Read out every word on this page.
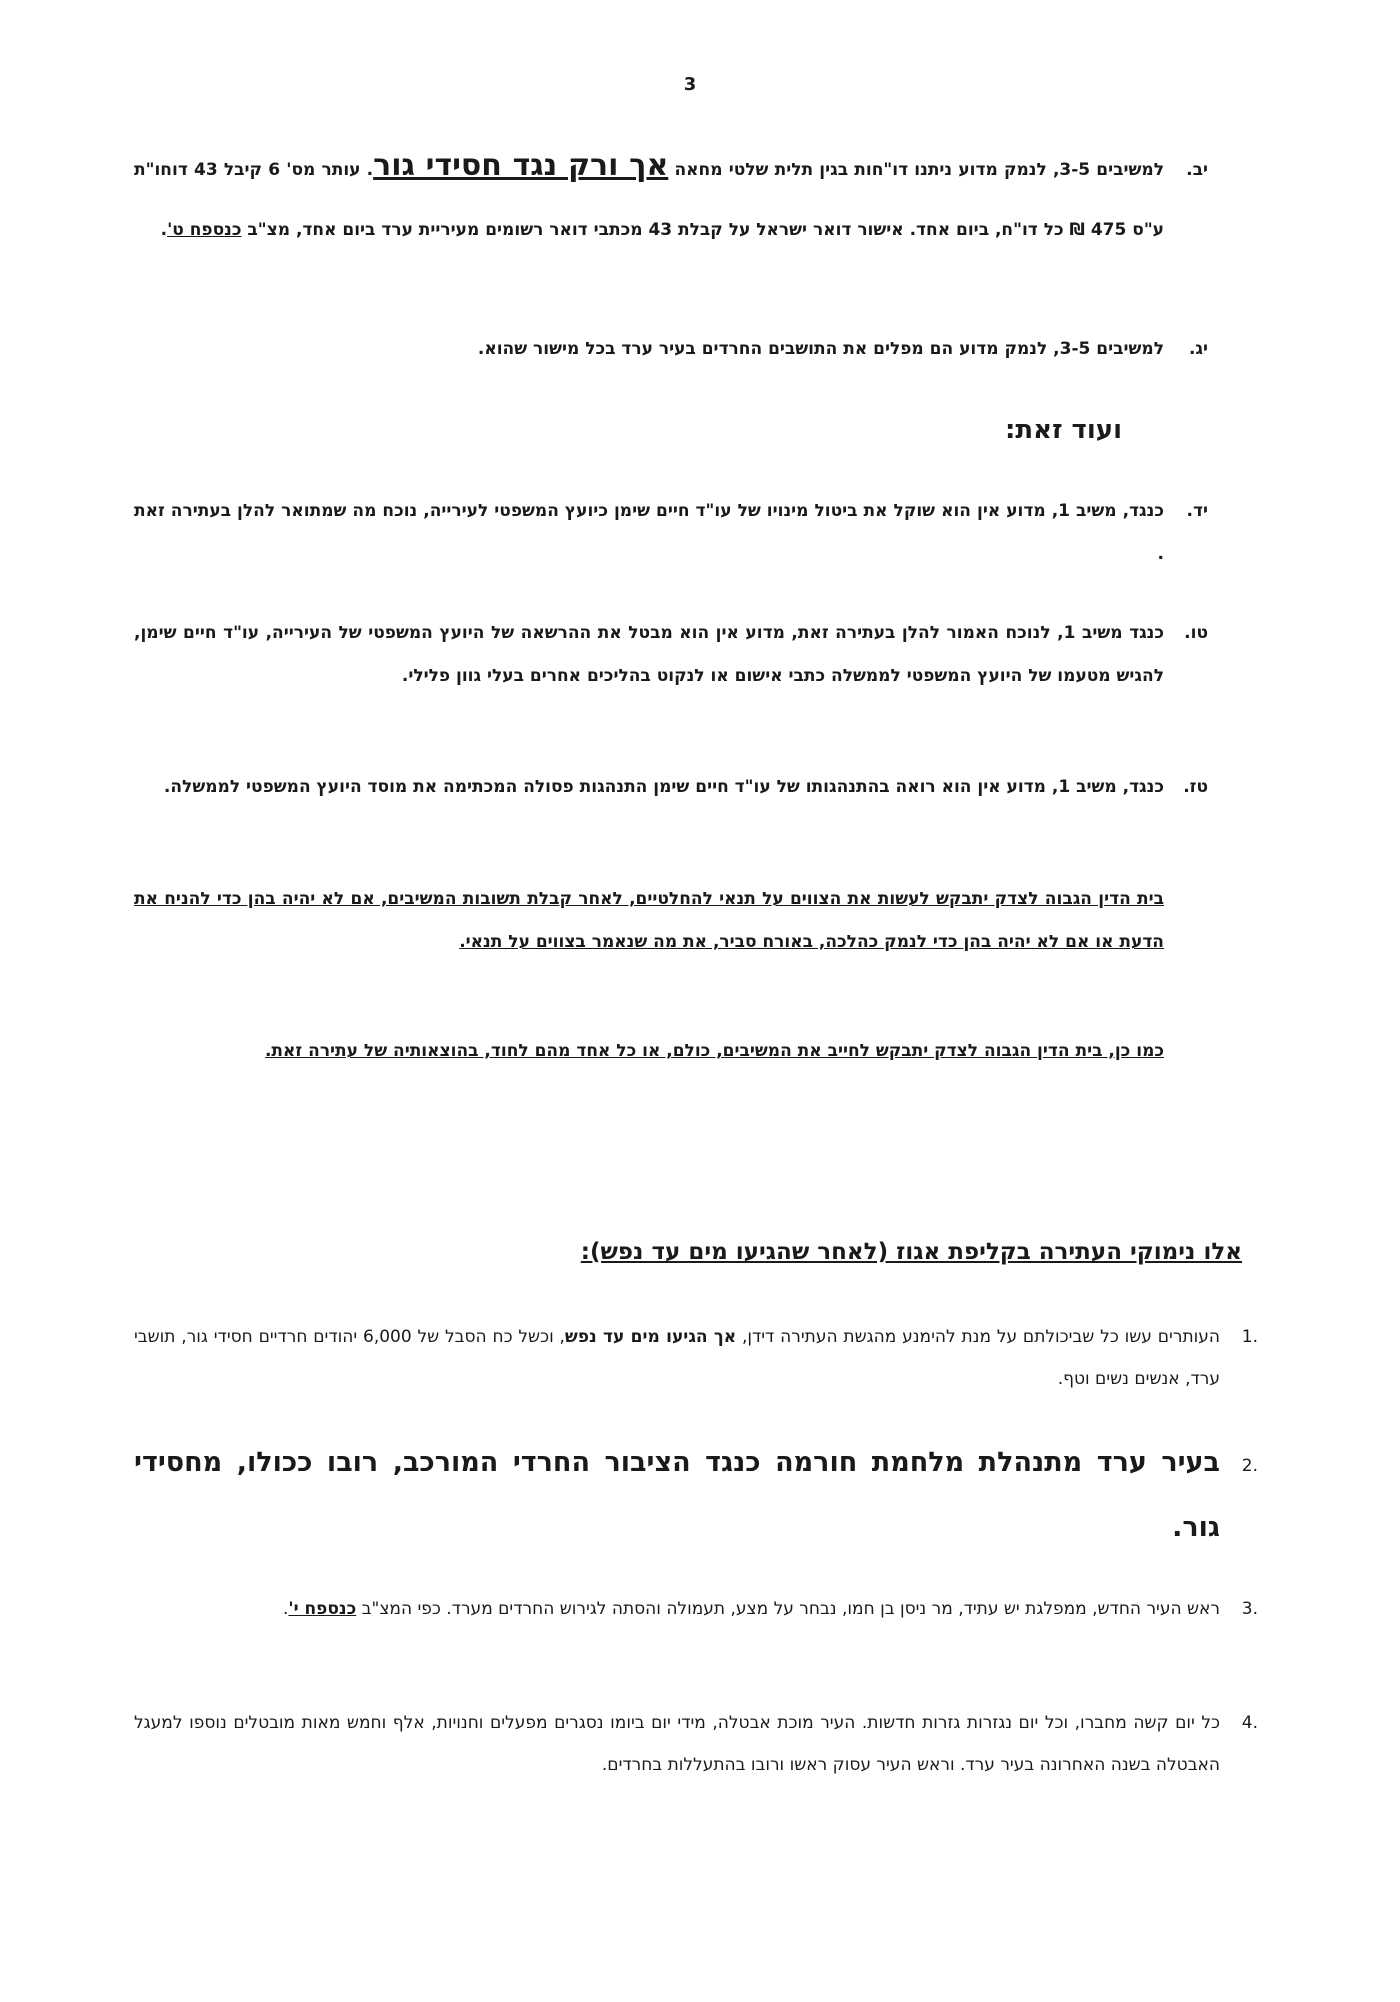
3
יב.למשיבים 3-5, לנמק מדוע ניתנו דו"חות בגין תלית שלטי מחאה אך ורק נגד חסידי גור. עותר מס' 6 קיבל 43 דוחו"ת ע"ס 475 ₪ כל דו"ח, ביום אחד. אישור דואר ישראל על קבלת 43 מכתבי דואר רשומים מעיריית ערד ביום אחד, מצ"ב כנספח ט'.
יג.למשיבים 3-5, לנמק מדוע הם מפלים את התושבים החרדים בעיר ערד בכל מישור שהוא.
ועוד זאת:
יד.כנגד, משיב 1, מדוע אין הוא שוקל את ביטול מינויו של עו"ד חיים שימן כיועץ המשפטי לעירייה, נוכח מה שמתואר להלן בעתירה זאת .
טו.כנגד משיב 1, לנוכח האמור להלן בעתירה זאת, מדוע אין הוא מבטל את ההרשאה של היועץ המשפטי של העירייה, עו"ד חיים שימן, להגיש מטעמו של היועץ המשפטי לממשלה כתבי אישום או לנקוט בהליכים אחרים בעלי גוון פלילי.
טז.כנגד, משיב 1, מדוע אין הוא רואה בהתנהגותו של עו"ד חיים שימן התנהגות פסולה המכתימה את מוסד היועץ המשפטי לממשלה.
בית הדין הגבוה לצדק יתבקש לעשות את הצווים על תנאי להחלטיים, לאחר קבלת תשובות המשיבים, אם לא יהיה בהן כדי להניח את הדעת או אם לא יהיה בהן כדי לנמק כהלכה, באורח סביר, את מה שנאמר בצווים על תנאי.
כמו כן, בית הדין הגבוה לצדק יתבקש לחייב את המשיבים, כולם, או כל אחד מהם לחוד, בהוצאותיה של עתירה זאת.
אלו נימוקי העתירה בקליפת אגוז (לאחר שהגיעו מים עד נפש):
.1העותרים עשו כל שביכולתם על מנת להימנע מהגשת העתירה דידן, אך הגיעו מים עד נפש, וכשל כח הסבל של 6,000 יהודים חרדיים חסידי גור, תושבי ערד, אנשים נשים וטף.
.2בעיר ערד מתנהלת מלחמת חורמה כנגד הציבור החרדי המורכב, רובו ככולו, מחסידי גור.
.3ראש העיר החדש, ממפלגת יש עתיד, מר ניסן בן חמו, נבחר על מצע, תעמולה והסתה לגירוש החרדים מערד. כפי המצ"ב כנספח י'.
.4כל יום קשה מחברו, וכל יום נגזרות גזרות חדשות. העיר מוכת אבטלה, מידי יום ביומו נסגרים מפעלים וחנויות, אלף וחמש מאות מובטלים נוספו למעגל האבטלה בשנה האחרונה בעיר ערד. וראש העיר עסוק ראשו ורובו בהתעללות בחרדים.
